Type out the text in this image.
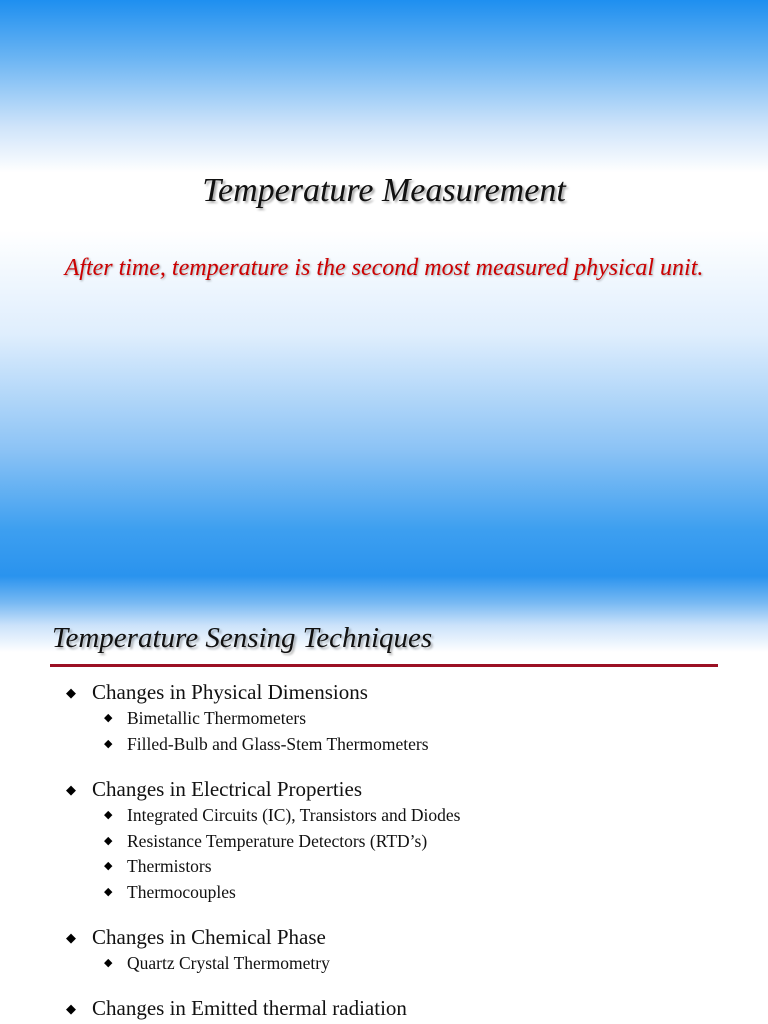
Temperature Measurement

After time, temperature is the second most measured physical unit.

Temperature Sensing Techniques
◆ Changes in Physical Dimensions
◆ Bimetallic Thermometers
◆ Filled-Bulb and Glass-Stem Thermometers
◆ Changes in Electrical Properties
◆ Integrated Circuits (IC), Transistors and Diodes
◆ Resistance Temperature Detectors (RTD’s)
◆ Thermistors
◆ Thermocouples
◆ Changes in Chemical Phase
◆ Quartz Crystal Thermometry
◆ Changes in Emitted thermal radiation
